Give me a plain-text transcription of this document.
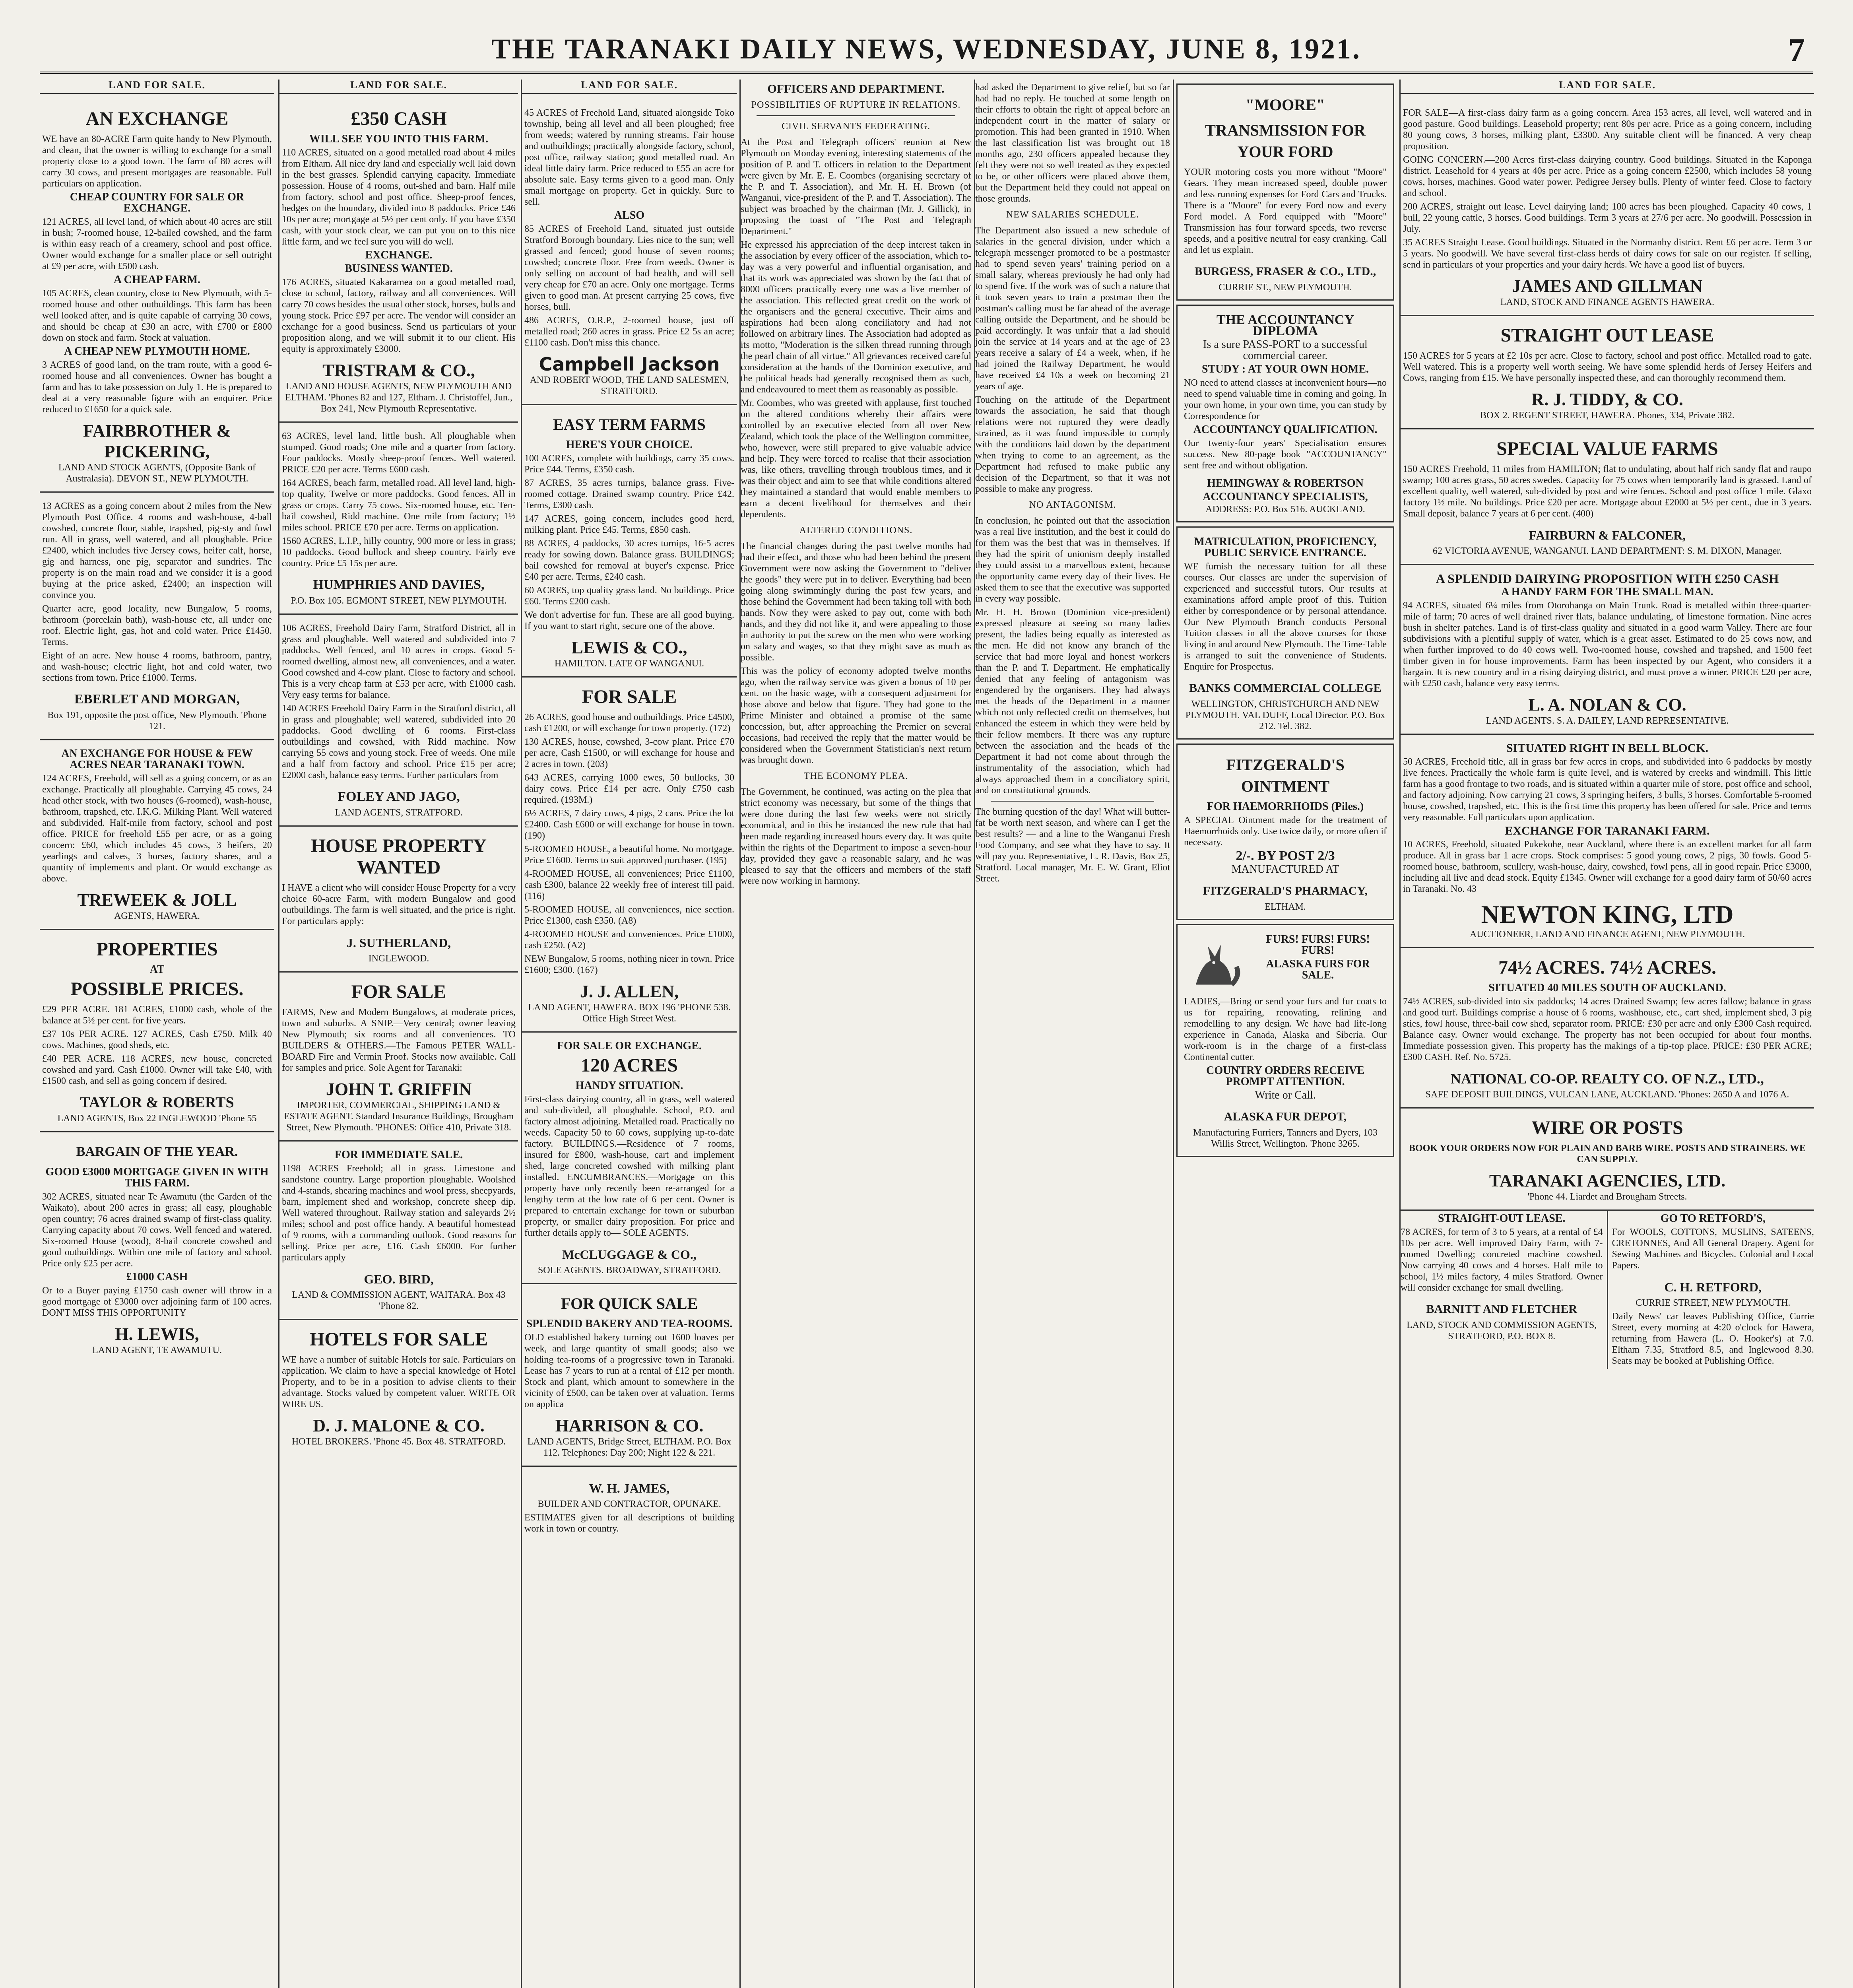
THE TARANAKI DAILY NEWS, WEDNESDAY, JUNE 8, 1921.	7
LAND FOR SALE.
AN EXCHANGE
WE have an 80-ACRE Farm quite handy to New Plymouth, and clean, that the owner is willing to exchange for a small property close to a good town. The farm of 80 acres will carry 30 cows, and present mortgages are reasonable. Full particulars on application.
CHEAP COUNTRY FOR SALE OR EXCHANGE.
121 ACRES, all level land, of which about 40 acres are still in bush; 7-roomed house, 12-bailed cowshed, and the farm is within easy reach of a creamery, school and post office. Owner would exchange for a smaller place or sell outright at £9 per acre, with £500 cash.
A CHEAP FARM.
105 ACRES, clean country, close to New Plymouth, with 5-roomed house and other outbuildings. This farm has been well looked after, and is quite capable of carrying 30 cows, and should be cheap at £30 an acre, with £700 or £800 down on stock and farm. Stock at valuation.
A CHEAP NEW PLYMOUTH HOME.
3 ACRES of good land, on the tram route, with a good 6-roomed house and all conveniences. Owner has bought a farm and has to take possession on July 1. He is prepared to deal at a very reasonable figure with an enquirer. Price reduced to £1650 for a quick sale.
FAIRBROTHER & PICKERING,
LAND AND STOCK AGENTS, (Opposite Bank of Australasia). DEVON ST., NEW PLYMOUTH.
13 ACRES as a going concern about 2 miles from the New Plymouth Post Office. 4 rooms and wash-house, 4-ball cowshed, concrete floor, stable, trapshed, pig-sty and fowl run. All in grass, well watered, and all ploughable. Price £2400, which includes five Jersey cows, heifer calf, horse, gig and harness, one pig, separator and sundries. The property is on the main road and we consider it is a good buying at the price asked, £2400; an inspection will convince you.
Quarter acre, good locality, new Bungalow, 5 rooms, bathroom (porcelain bath), wash-house etc, all under one roof. Electric light, gas, hot and cold water. Price £1450. Terms.
Eight of an acre. New house 4 rooms, bathroom, pantry, and wash-house; electric light, hot and cold water, two sections from town. Price £1000. Terms.
EBERLET AND MORGAN,
Box 191, opposite the post office, New Plymouth. 'Phone 121.
AN EXCHANGE FOR HOUSE & FEW ACRES NEAR TARANAKI TOWN.
124 ACRES, Freehold, will sell as a going concern, or as an exchange. Practically all ploughable. Carrying 45 cows, 24 head other stock, with two houses (6-roomed), wash-house, bathroom, trapshed, etc. I.K.G. Milking Plant. Well watered and subdivided. Half-mile from factory, school and post office. PRICE for freehold £55 per acre, or as a going concern: £60, which includes 45 cows, 3 heifers, 20 yearlings and calves, 3 horses, factory shares, and a quantity of implements and plant. Or would exchange as above.
TREWEEK & JOLL
AGENTS, HAWERA.
PROPERTIES
AT
POSSIBLE PRICES.
£29 PER ACRE. 181 ACRES, £1000 cash, whole of the balance at 5½ per cent. for five years.
£37 10s PER ACRE. 127 ACRES, Cash £750. Milk 40 cows. Machines, good sheds, etc.
£40 PER ACRE. 118 ACRES, new house, concreted cowshed and yard. Cash £1000. Owner will take £40, with £1500 cash, and sell as going concern if desired.
TAYLOR & ROBERTS
LAND AGENTS, Box 22 INGLEWOOD 'Phone 55
BARGAIN OF THE YEAR.
GOOD £3000 MORTGAGE GIVEN IN WITH THIS FARM.
302 ACRES, situated near Te Awamutu (the Garden of the Waikato), about 200 acres in grass; all easy, ploughable open country; 76 acres drained swamp of first-class quality. Carrying capacity about 70 cows. Well fenced and watered. Six-roomed House (wood), 8-bail concrete cowshed and good outbuildings. Within one mile of factory and school. Price only £25 per acre.
£1000 CASH
Or to a Buyer paying £1750 cash owner will throw in a good mortgage of £3000 over adjoining farm of 100 acres. DON'T MISS THIS OPPORTUNITY
H. LEWIS,
LAND AGENT, TE AWAMUTU.
LAND FOR SALE.
£350 CASH
WILL SEE YOU INTO THIS FARM.
110 ACRES, situated on a good metalled road about 4 miles from Eltham. All nice dry land and especially well laid down in the best grasses. Splendid carrying capacity. Immediate possession. House of 4 rooms, out-shed and barn. Half mile from factory, school and post office. Sheep-proof fences, hedges on the boundary, divided into 8 paddocks. Price £46 10s per acre; mortgage at 5½ per cent only. If you have £350 cash, with your stock clear, we can put you on to this nice little farm, and we feel sure you will do well.
EXCHANGE.
BUSINESS WANTED.
176 ACRES, situated Kakaramea on a good metalled road, close to school, factory, railway and all conveniences. Will carry 70 cows besides the usual other stock, horses, bulls and young stock. Price £97 per acre. The vendor will consider an exchange for a good business. Send us particulars of your proposition along, and we will submit it to our client. His equity is approximately £3000.
TRISTRAM & CO.,
LAND AND HOUSE AGENTS, NEW PLYMOUTH AND ELTHAM. 'Phones 82 and 127, Eltham. J. Christoffel, Jun., Box 241, New Plymouth Representative.
63 ACRES, level land, little bush. All ploughable when stumped. Good roads; One mile and a quarter from factory. Four paddocks. Mostly sheep-proof fences. Well watered. PRICE £20 per acre. Terms £600 cash.
164 ACRES, beach farm, metalled road. All level land, high-top quality, Twelve or more paddocks. Good fences. All in grass or crops. Carry 75 cows. Six-roomed house, etc. Ten-bail cowshed, Ridd machine. One mile from factory; 1½ miles school. PRICE £70 per acre. Terms on application.
1560 ACRES, L.I.P., hilly country, 900 more or less in grass; 10 paddocks. Good bullock and sheep country. Fairly eve country. Price £5 15s per acre.
HUMPHRIES AND DAVIES,
P.O. Box 105. EGMONT STREET, NEW PLYMOUTH.
106 ACRES, Freehold Dairy Farm, Stratford District, all in grass and ploughable. Well watered and subdivided into 7 paddocks. Well fenced, and 10 acres in crops. Good 5-roomed dwelling, almost new, all conveniences, and a water. Good cowshed and 4-cow plant. Close to factory and school. This is a very cheap farm at £53 per acre, with £1000 cash. Very easy terms for balance.
140 ACRES Freehold Dairy Farm in the Stratford district, all in grass and ploughable; well watered, subdivided into 20 paddocks. Good dwelling of 6 rooms. First-class outbuildings and cowshed, with Ridd machine. Now carrying 55 cows and young stock. Free of weeds. One mile and a half from factory and school. Price £15 per acre; £2000 cash, balance easy terms. Further particulars from
FOLEY AND JAGO,
LAND AGENTS, STRATFORD.
HOUSE PROPERTY WANTED
I HAVE a client who will consider House Property for a very choice 60-acre Farm, with modern Bungalow and good outbuildings. The farm is well situated, and the price is right. For particulars apply:
J. SUTHERLAND,
INGLEWOOD.
FOR SALE
FARMS, New and Modern Bungalows, at moderate prices, town and suburbs. A SNIP.—Very central; owner leaving New Plymouth; six rooms and all conveniences. TO BUILDERS & OTHERS.—The Famous PETER WALL-BOARD Fire and Vermin Proof. Stocks now available. Call for samples and price. Sole Agent for Taranaki:
JOHN T. GRIFFIN
IMPORTER, COMMERCIAL, SHIPPING LAND & ESTATE AGENT. Standard Insurance Buildings, Brougham Street, New Plymouth. 'PHONES: Office 410, Private 318.
FOR IMMEDIATE SALE.
1198 ACRES Freehold; all in grass. Limestone and sandstone country. Large proportion ploughable. Woolshed and 4-stands, shearing machines and wool press, sheepyards, barn, implement shed and workshop, concrete sheep dip. Well watered throughout. Railway station and saleyards 2½ miles; school and post office handy. A beautiful homestead of 9 rooms, with a commanding outlook. Good reasons for selling. Price per acre, £16. Cash £6000. For further particulars apply
GEO. BIRD,
LAND & COMMISSION AGENT, WAITARA. Box 43 'Phone 82.
HOTELS FOR SALE
WE have a number of suitable Hotels for sale. Particulars on application. We claim to have a special knowledge of Hotel Property, and to be in a position to advise clients to their advantage. Stocks valued by competent valuer. WRITE OR WIRE US.
D. J. MALONE & CO.
HOTEL BROKERS. 'Phone 45. Box 48. STRATFORD.
LAND FOR SALE.
45 ACRES of Freehold Land, situated alongside Toko township, being all level and all been ploughed; free from weeds; watered by running streams. Fair house and outbuildings; practically alongside factory, school, post office, railway station; good metalled road. An ideal little dairy farm. Price reduced to £55 an acre for absolute sale. Easy terms given to a good man. Only small mortgage on property. Get in quickly. Sure to sell.
ALSO
85 ACRES of Freehold Land, situated just outside Stratford Borough boundary. Lies nice to the sun; well grassed and fenced; good house of seven rooms; cowshed; concrete floor. Free from weeds. Owner is only selling on account of bad health, and will sell very cheap for £70 an acre. Only one mortgage. Terms given to good man. At present carrying 25 cows, five horses, bull.
486 ACRES, O.R.P., 2-roomed house, just off metalled road; 260 acres in grass. Price £2 5s an acre; £1100 cash. Don't miss this chance.
Campbell Jackson
AND ROBERT WOOD, THE LAND SALESMEN, STRATFORD.
EASY TERM FARMS
HERE'S YOUR CHOICE.
100 ACRES, complete with buildings, carry 35 cows. Price £44. Terms, £350 cash.
87 ACRES, 35 acres turnips, balance grass. Five-roomed cottage. Drained swamp country. Price £42. Terms, £300 cash.
147 ACRES, going concern, includes good herd, milking plant. Price £45. Terms, £850 cash.
88 ACRES, 4 paddocks, 30 acres turnips, 16-5 acres ready for sowing down. Balance grass. BUILDINGS; bail cowshed for removal at buyer's expense. Price £40 per acre. Terms, £240 cash.
60 ACRES, top quality grass land. No buildings. Price £60. Terms £200 cash.
We don't advertise for fun. These are all good buying. If you want to start right, secure one of the above.
LEWIS & CO.,
HAMILTON. LATE OF WANGANUI.
FOR SALE
26 ACRES, good house and outbuildings. Price £4500, cash £1200, or will exchange for town property. (172)
130 ACRES, house, cowshed, 3-cow plant. Price £70 per acre, Cash £1500, or will exchange for house and 2 acres in town. (203)
643 ACRES, carrying 1000 ewes, 50 bullocks, 30 dairy cows. Price £14 per acre. Only £750 cash required. (193M.)
6½ ACRES, 7 dairy cows, 4 pigs, 2 cans. Price the lot £2400. Cash £600 or will exchange for house in town. (190)
5-ROOMED HOUSE, a beautiful home. No mortgage. Price £1600. Terms to suit approved purchaser. (195)
4-ROOMED HOUSE, all conveniences; Price £1100, cash £300, balance 22 weekly free of interest till paid. (116)
5-ROOMED HOUSE, all conveniences, nice section. Price £1300, cash £350. (A8)
4-ROOMED HOUSE and conveniences. Price £1000, cash £250. (A2)
NEW Bungalow, 5 rooms, nothing nicer in town. Price £1600; £300. (167)
J. J. ALLEN,
LAND AGENT, HAWERA. BOX 196 'PHONE 538. Office High Street West.
FOR SALE OR EXCHANGE.
120 ACRES
HANDY SITUATION.
First-class dairying country, all in grass, well watered and sub-divided, all ploughable. School, P.O. and factory almost adjoining. Metalled road. Practically no weeds. Capacity 50 to 60 cows, supplying up-to-date factory. BUILDINGS.—Residence of 7 rooms, insured for £800, wash-house, cart and implement shed, large concreted cowshed with milking plant installed. ENCUMBRANCES.—Mortgage on this property have only recently been re-arranged for a lengthy term at the low rate of 6 per cent. Owner is prepared to entertain exchange for town or suburban property, or smaller dairy proposition. For price and further details apply to— SOLE AGENTS.
McCLUGGAGE & CO.,
SOLE AGENTS. BROADWAY, STRATFORD.
FOR QUICK SALE
SPLENDID BAKERY AND TEA-ROOMS.
OLD established bakery turning out 1600 loaves per week, and large quantity of small goods; also we holding tea-rooms of a progressive town in Taranaki. Lease has 7 years to run at a rental of £12 per month. Stock and plant, which amount to somewhere in the vicinity of £500, can be taken over at valuation. Terms on applica
HARRISON & CO.
LAND AGENTS, Bridge Street, ELTHAM. P.O. Box 112. Telephones: Day 200; Night 122 & 221.
W. H. JAMES,
BUILDER AND CONTRACTOR, OPUNAKE.
ESTIMATES given for all descriptions of building work in town or country.
OFFICERS AND DEPARTMENT.
POSSIBILITIES OF RUPTURE IN RELATIONS.
CIVIL SERVANTS FEDERATING.
At the Post and Telegraph officers' reunion at New Plymouth on Monday evening, interesting statements of the position of P. and T. officers in relation to the Department were given by Mr. E. E. Coombes (organising secretary of the P. and T. Association), and Mr. H. H. Brown (of Wanganui, vice-president of the P. and T. Association). The subject was broached by the chairman (Mr. J. Gillick), in proposing the toast of "The Post and Telegraph Department."
He expressed his appreciation of the deep interest taken in the association by every officer of the association, which to-day was a very powerful and influential organisation, and that its work was appreciated was shown by the fact that of 8000 officers practically every one was a live member of the association. This reflected great credit on the work of the organisers and the general executive. Their aims and aspirations had been along conciliatory and had not followed on arbitrary lines. The Association had adopted as its motto, "Moderation is the silken thread running through the pearl chain of all virtue." All grievances received careful consideration at the hands of the Dominion executive, and the political heads had generally recognised them as such, and endeavoured to meet them as reasonably as possible.
Mr. Coombes, who was greeted with applause, first touched on the altered conditions whereby their affairs were controlled by an executive elected from all over New Zealand, which took the place of the Wellington committee, who, however, were still prepared to give valuable advice and help. They were forced to realise that their association was, like others, travelling through troublous times, and it was their object and aim to see that while conditions altered they maintained a standard that would enable members to earn a decent livelihood for themselves and their dependents.
ALTERED CONDITIONS.
The financial changes during the past twelve months had had their effect, and those who had been behind the present Government were now asking the Government to "deliver the goods" they were put in to deliver. Everything had been going along swimmingly during the past few years, and those behind the Government had been taking toll with both hands. Now they were asked to pay out, come with both hands, and they did not like it, and were appealing to those in authority to put the screw on the men who were working on salary and wages, so that they might save as much as possible.
This was the policy of economy adopted twelve months ago, when the railway service was given a bonus of 10 per cent. on the basic wage, with a consequent adjustment for those above and below that figure. They had gone to the Prime Minister and obtained a promise of the same concession, but, after approaching the Premier on several occasions, had received the reply that the matter would be considered when the Government Statistician's next return was brought down.
THE ECONOMY PLEA.
The Government, he continued, was acting on the plea that strict economy was necessary, but some of the things that were done during the last few weeks were not strictly economical, and in this he instanced the new rule that had been made regarding increased hours every day. It was quite within the rights of the Department to impose a seven-hour day, provided they gave a reasonable salary, and he was pleased to say that the officers and members of the staff were now working in harmony.
had asked the Department to give relief, but so far had had no reply. He touched at some length on their efforts to obtain the right of appeal before an independent court in the matter of salary or promotion. This had been granted in 1910. When the last classification list was brought out 18 months ago, 230 officers appealed because they felt they were not so well treated as they expected to be, or other officers were placed above them, but the Department held they could not appeal on those grounds.
NEW SALARIES SCHEDULE.
The Department also issued a new schedule of salaries in the general division, under which a telegraph messenger promoted to be a postmaster had to spend seven years' training period on a small salary, whereas previously he had only had to spend five. If the work was of such a nature that it took seven years to train a postman then the postman's calling must be far ahead of the average calling outside the Department, and he should be paid accordingly. It was unfair that a lad should join the service at 14 years and at the age of 23 years receive a salary of £4 a week, when, if he had joined the Railway Department, he would have received £4 10s a week on becoming 21 years of age.
Touching on the attitude of the Department towards the association, he said that though relations were not ruptured they were deadly strained, as it was found impossible to comply with the conditions laid down by the department when trying to come to an agreement, as the Department had refused to make public any decision of the Department, so that it was not possible to make any progress.
NO ANTAGONISM.
In conclusion, he pointed out that the association was a real live institution, and the best it could do for them was the best that was in themselves. If they had the spirit of unionism deeply installed they could assist to a marvellous extent, because the opportunity came every day of their lives. He asked them to see that the executive was supported in every way possible.
Mr. H. H. Brown (Dominion vice-president) expressed pleasure at seeing so many ladies present, the ladies being equally as interested as the men. He did not know any branch of the service that had more loyal and honest workers than the P. and T. Department. He emphatically denied that any feeling of antagonism was engendered by the organisers. They had always met the heads of the Department in a manner which not only reflected credit on themselves, but enhanced the esteem in which they were held by their fellow members. If there was any rupture between the association and the heads of the Department it had not come about through the instrumentality of the association, which had always approached them in a conciliatory spirit, and on constitutional grounds.
The burning question of the day! What will butter-fat be worth next season, and where can I get the best results? — and a line to the Wanganui Fresh Food Company, and see what they have to say. It will pay you. Representative, L. R. Davis, Box 25, Stratford. Local manager, Mr. E. W. Grant, Eliot Street.
"MOORE"
TRANSMISSION FOR YOUR FORD
YOUR motoring costs you more without "Moore" Gears. They mean increased speed, double power and less running expenses for Ford Cars and Trucks. There is a "Moore" for every Ford now and every Ford model. A Ford equipped with "Moore" Transmission has four forward speeds, two reverse speeds, and a positive neutral for easy cranking. Call and let us explain.
BURGESS, FRASER & CO., LTD.,
CURRIE ST., NEW PLYMOUTH.
THE ACCOUNTANCY DIPLOMA
Is a sure PASS-PORT to a successful commercial career.
STUDY : AT YOUR OWN HOME.
NO need to attend classes at inconvenient hours—no need to spend valuable time in coming and going. In your own home, in your own time, you can study by Correspondence for
ACCOUNTANCY QUALIFICATION.
Our twenty-four years' Specialisation ensures success. New 80-page book "ACCOUNTANCY" sent free and without obligation.
HEMINGWAY & ROBERTSON ACCOUNTANCY SPECIALISTS,
ADDRESS: P.O. Box 516. AUCKLAND.
MATRICULATION, PROFICIENCY, PUBLIC SERVICE ENTRANCE.
WE furnish the necessary tuition for all these courses. Our classes are under the supervision of experienced and successful tutors. Our results at examinations afford ample proof of this. Tuition either by correspondence or by personal attendance. Our New Plymouth Branch conducts Personal Tuition classes in all the above courses for those living in and around New Plymouth. The Time-Table is arranged to suit the convenience of Students. Enquire for Prospectus.
BANKS COMMERCIAL COLLEGE
WELLINGTON, CHRISTCHURCH AND NEW PLYMOUTH. VAL DUFF, Local Director. P.O. Box 212. Tel. 382.
FITZGERALD'S OINTMENT
FOR HAEMORRHOIDS (Piles.)
A SPECIAL Ointment made for the treatment of Haemorrhoids only. Use twice daily, or more often if necessary.
2/-. BY POST 2/3
MANUFACTURED AT
FITZGERALD'S PHARMACY,
ELTHAM.
FURS! FURS! FURS! FURS!
ALASKA FURS FOR SALE.
LADIES,—Bring or send your furs and fur coats to us for repairing, renovating, relining and remodelling to any design. We have had life-long experience in Canada, Alaska and Siberia. Our work-room is in the charge of a first-class Continental cutter.
COUNTRY ORDERS RECEIVE PROMPT ATTENTION.
Write or Call.
ALASKA FUR DEPOT,
Manufacturing Furriers, Tanners and Dyers, 103 Willis Street, Wellington. 'Phone 3265.
LAND FOR SALE.
FOR SALE—A first-class dairy farm as a going concern. Area 153 acres, all level, well watered and in good pasture. Good buildings. Leasehold property; rent 80s per acre. Price as a going concern, including 80 young cows, 3 horses, milking plant, £3300. Any suitable client will be financed. A very cheap proposition.
GOING CONCERN.—200 Acres first-class dairying country. Good buildings. Situated in the Kaponga district. Leasehold for 4 years at 40s per acre. Price as a going concern £2500, which includes 58 young cows, horses, machines. Good water power. Pedigree Jersey bulls. Plenty of winter feed. Close to factory and school.
200 ACRES, straight out lease. Level dairying land; 100 acres has been ploughed. Capacity 40 cows, 1 bull, 22 young cattle, 3 horses. Good buildings. Term 3 years at 27/6 per acre. No goodwill. Possession in July.
35 ACRES Straight Lease. Good buildings. Situated in the Normanby district. Rent £6 per acre. Term 3 or 5 years. No goodwill. We have several first-class herds of dairy cows for sale on our register. If selling, send in particulars of your properties and your dairy herds. We have a good list of buyers.
JAMES AND GILLMAN
LAND, STOCK AND FINANCE AGENTS HAWERA.
STRAIGHT OUT LEASE
150 ACRES for 5 years at £2 10s per acre. Close to factory, school and post office. Metalled road to gate. Well watered. This is a property well worth seeing. We have some splendid herds of Jersey Heifers and Cows, ranging from £15. We have personally inspected these, and can thoroughly recommend them.
R. J. TIDDY, & CO.
BOX 2. REGENT STREET, HAWERA. Phones, 334, Private 382.
SPECIAL VALUE FARMS
150 ACRES Freehold, 11 miles from HAMILTON; flat to undulating, about half rich sandy flat and raupo swamp; 100 acres grass, 50 acres swedes. Capacity for 75 cows when temporarily land is grassed. Land of excellent quality, well watered, sub-divided by post and wire fences. School and post office 1 mile. Glaxo factory 1½ mile. No buildings. Price £20 per acre. Mortgage about £2000 at 5½ per cent., due in 3 years. Small deposit, balance 7 years at 6 per cent. (400)
FAIRBURN & FALCONER,
62 VICTORIA AVENUE, WANGANUI. LAND DEPARTMENT: S. M. DIXON, Manager.
A SPLENDID DAIRYING PROPOSITION WITH £250 CASH
A HANDY FARM FOR THE SMALL MAN.
94 ACRES, situated 6¼ miles from Otorohanga on Main Trunk. Road is metalled within three-quarter-mile of farm; 70 acres of well drained river flats, balance undulating, of limestone formation. Nine acres bush in shelter patches. Land is of first-class quality and situated in a good warm Valley. There are four subdivisions with a plentiful supply of water, which is a great asset. Estimated to do 25 cows now, and when further improved to do 40 cows well. Two-roomed house, cowshed and trapshed, and 1500 feet timber given in for house improvements. Farm has been inspected by our Agent, who considers it a bargain. It is new country and in a rising dairying district, and must prove a winner. PRICE £20 per acre, with £250 cash, balance very easy terms.
L. A. NOLAN & CO.
LAND AGENTS. S. A. DAILEY, LAND REPRESENTATIVE.
SITUATED RIGHT IN BELL BLOCK.
50 ACRES, Freehold title, all in grass bar few acres in crops, and subdivided into 6 paddocks by mostly live fences. Practically the whole farm is quite level, and is watered by creeks and windmill. This little farm has a good frontage to two roads, and is situated within a quarter mile of store, post office and school, and factory adjoining. Now carrying 21 cows, 3 springing heifers, 3 bulls, 3 horses. Comfortable 5-roomed house, cowshed, trapshed, etc. This is the first time this property has been offered for sale. Price and terms very reasonable. Full particulars upon application.
EXCHANGE FOR TARANAKI FARM.
10 ACRES, Freehold, situated Pukekohe, near Auckland, where there is an excellent market for all farm produce. All in grass bar 1 acre crops. Stock comprises: 5 good young cows, 2 pigs, 30 fowls. Good 5-roomed house, bathroom, scullery, wash-house, dairy, cowshed, fowl pens, all in good repair. Price £3000, including all live and dead stock. Equity £1345. Owner will exchange for a good dairy farm of 50/60 acres in Taranaki. No. 43
NEWTON KING, LTD
AUCTIONEER, LAND AND FINANCE AGENT, NEW PLYMOUTH.
74½ ACRES. 74½ ACRES.
SITUATED 40 MILES SOUTH OF AUCKLAND.
74½ ACRES, sub-divided into six paddocks; 14 acres Drained Swamp; few acres fallow; balance in grass and good turf. Buildings comprise a house of 6 rooms, washhouse, etc., cart shed, implement shed, 3 pig sties, fowl house, three-bail cow shed, separator room. PRICE: £30 per acre and only £300 Cash required. Balance easy. Owner would exchange. The property has not been occupied for about four months. Immediate possession given. This property has the makings of a tip-top place. PRICE: £30 PER ACRE; £300 CASH. Ref. No. 5725.
NATIONAL CO-OP. REALTY CO. OF N.Z., LTD.,
SAFE DEPOSIT BUILDINGS, VULCAN LANE, AUCKLAND. 'Phones: 2650 A and 1076 A.
WIRE OR POSTS
BOOK YOUR ORDERS NOW FOR PLAIN AND BARB WIRE. POSTS AND STRAINERS. WE CAN SUPPLY.
TARANAKI AGENCIES, LTD.
'Phone 44. Liardet and Brougham Streets.
STRAIGHT-OUT LEASE.
78 ACRES, for term of 3 to 5 years, at a rental of £4 10s per acre. Well improved Dairy Farm, with 7-roomed Dwelling; concreted machine cowshed. Now carrying 40 cows and 4 horses. Half mile to school, 1½ miles factory, 4 miles Stratford. Owner will consider exchange for small dwelling.
BARNITT AND FLETCHER
LAND, STOCK AND COMMISSION AGENTS, STRATFORD, P.O. BOX 8.
GO TO RETFORD'S,
For WOOLS, COTTONS, MUSLINS, SATEENS, CRETONNES, And All General Drapery. Agent for Sewing Machines and Bicycles. Colonial and Local Papers.
C. H. RETFORD,
CURRIE STREET, NEW PLYMOUTH.
Daily News' car leaves Publishing Office, Currie Street, every morning at 4:20 o'clock for Hawera, returning from Hawera (L. O. Hooker's) at 7.0. Eltham 7.35, Stratford 8.5, and Inglewood 8.30. Seats may be booked at Publishing Office.
